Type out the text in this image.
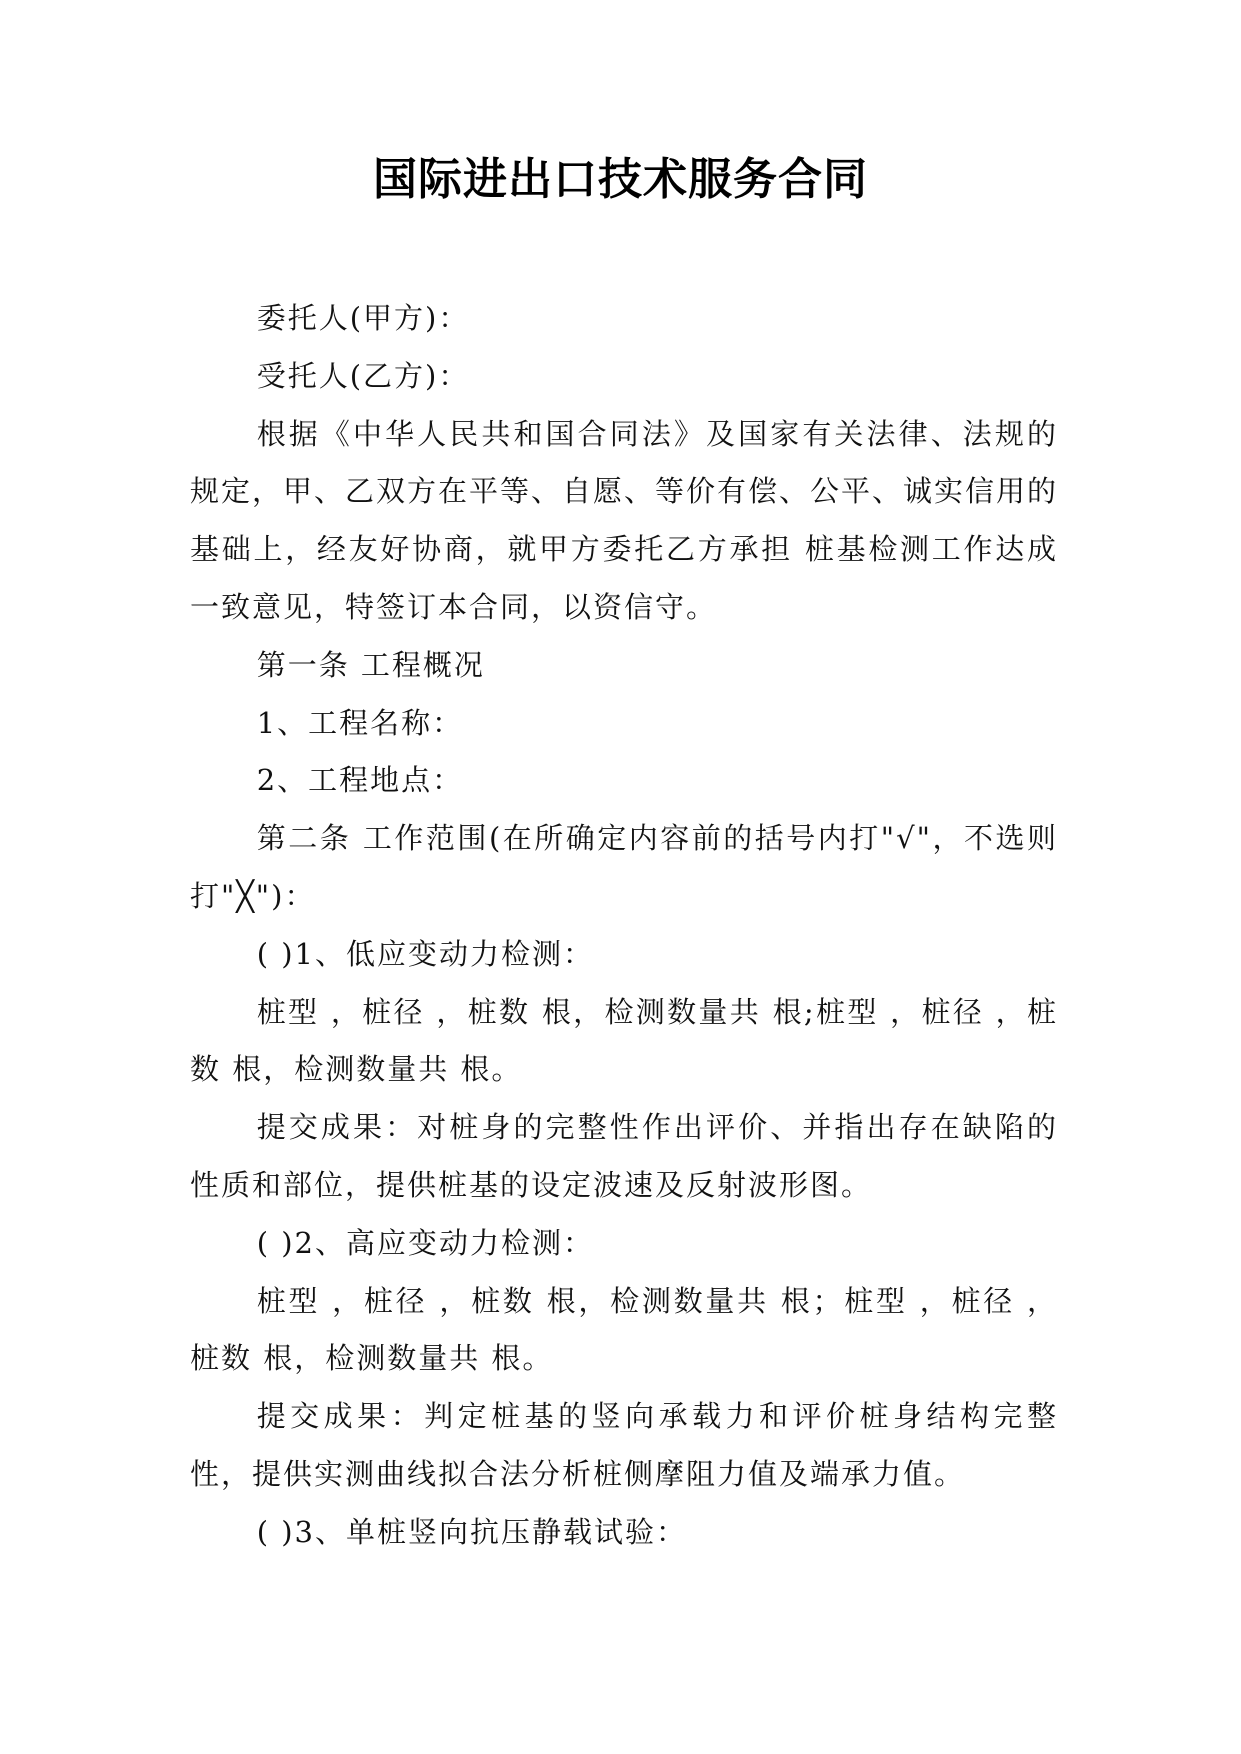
国际进出口技术服务合同

委托人(甲方)：

受托人(乙方)：

根据《中华人民共和国合同法》及国家有关法律、法规的规定，甲、乙双方在平等、自愿、等价有偿、公平、诚实信用的基础上，经友好协商，就甲方委托乙方承担 桩基检测工作达成一致意见，特签订本合同，以资信守。

第一条 工程概况

1、工程名称：

2、工程地点：

第二条 工作范围(在所确定内容前的括号内打"√"，不选则打"╳")：

( )1、低应变动力检测：

桩型 ，桩径 ，桩数 根，检测数量共 根;桩型 ，桩径 ，桩数 根，检测数量共 根。

提交成果：对桩身的完整性作出评价、并指出存在缺陷的性质和部位，提供桩基的设定波速及反射波形图。

( )2、高应变动力检测：

桩型 ，桩径 ，桩数 根，检测数量共 根；桩型 ，桩径 ，桩数 根，检测数量共 根。

提交成果：判定桩基的竖向承载力和评价桩身结构完整性，提供实测曲线拟合法分析桩侧摩阻力值及端承力值。

( )3、单桩竖向抗压静载试验：
